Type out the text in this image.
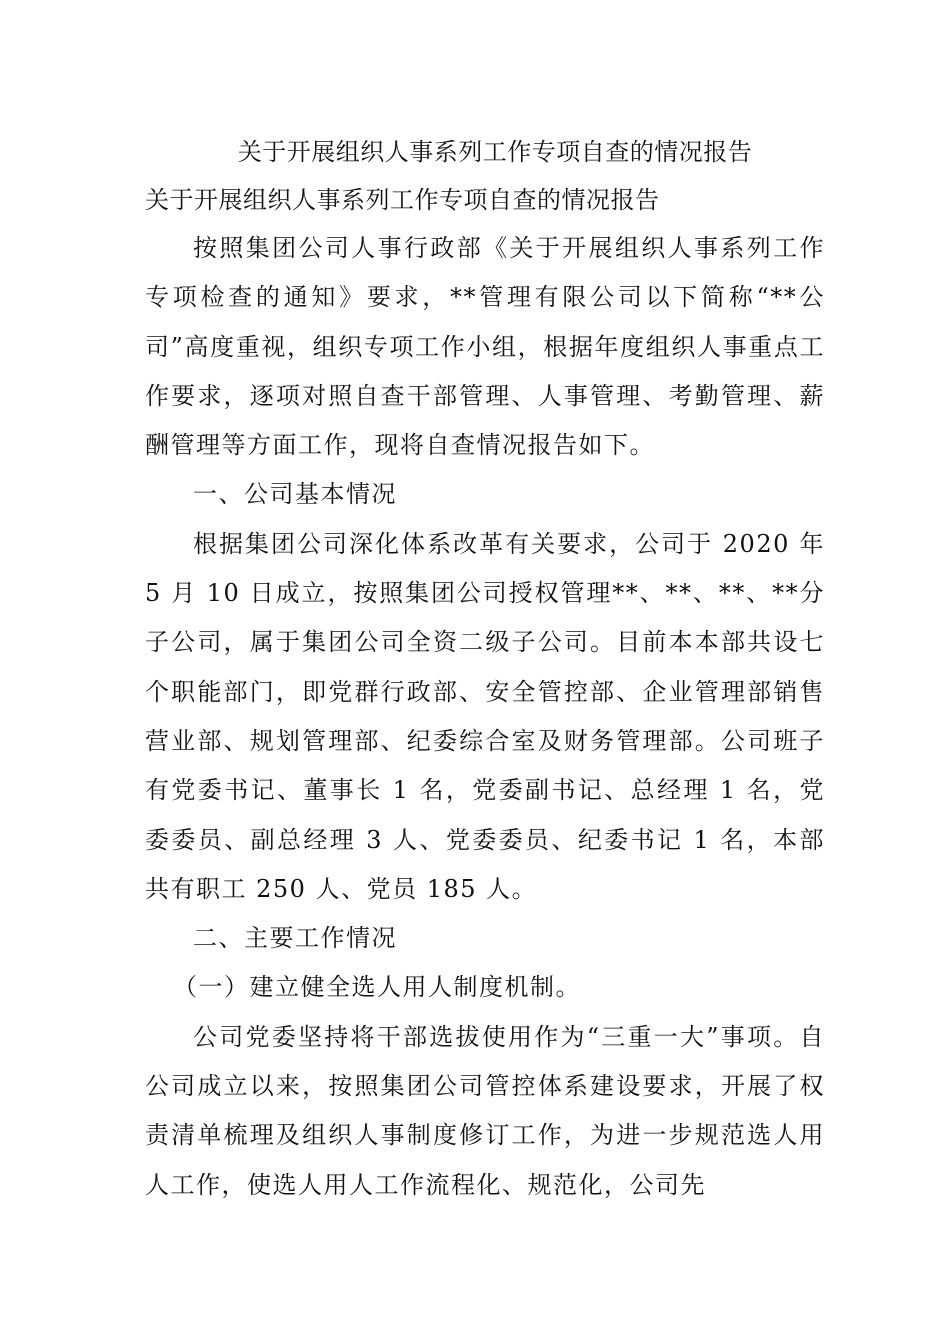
关于开展组织人事系列工作专项自查的情况报告

关于开展组织人事系列工作专项自查的情况报告

按照集团公司人事行政部《关于开展组织人事系列工作专项检查的通知》要求，**管理有限公司以下简称“**公司”高度重视，组织专项工作小组，根据年度组织人事重点工作要求，逐项对照自查干部管理、人事管理、考勤管理、薪酬管理等方面工作，现将自查情况报告如下。

一、公司基本情况

根据集团公司深化体系改革有关要求，公司于 2020 年 5 月 10 日成立，按照集团公司授权管理**、**、**、**分子公司，属于集团公司全资二级子公司。目前本本部共设七个职能部门，即党群行政部、安全管控部、企业管理部销售营业部、规划管理部、纪委综合室及财务管理部。公司班子有党委书记、董事长 1 名，党委副书记、总经理 1 名，党委委员、副总经理 3 人、党委委员、纪委书记 1 名，本部共有职工 250 人、党员 185 人。

二、主要工作情况

（一）建立健全选人用人制度机制。

公司党委坚持将干部选拔使用作为“三重一大”事项。自公司成立以来，按照集团公司管控体系建设要求，开展了权责清单梳理及组织人事制度修订工作，为进一步规范选人用人工作，使选人用人工作流程化、规范化，公司先
